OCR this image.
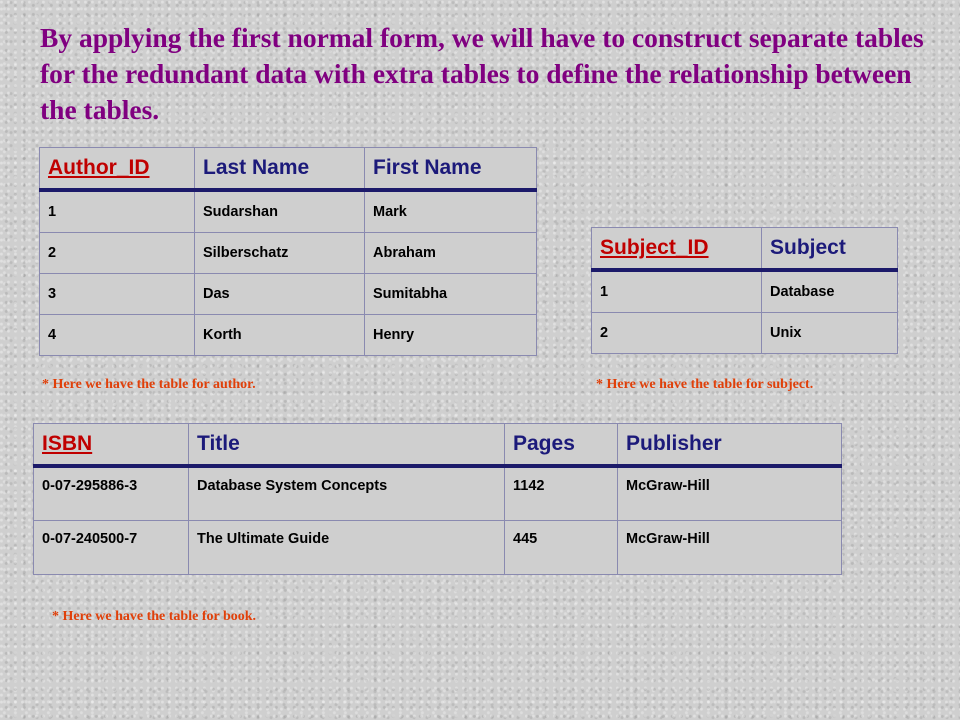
By applying the first normal form, we will have to construct separate tables for the redundant data with extra tables to define the relationship between the tables.
Author_ID	Last Name	First Name
1	Sudarshan	Mark
2	Silberschatz	Abraham
3	Das	Sumitabha
4	Korth	Henry
Subject_ID	Subject
1	Database
2	Unix
* Here we have the table for author.	* Here we have the table for subject.
ISBN	Title	Pages	Publisher
0-07-295886-3	Database System Concepts	1142	McGraw-Hill
0-07-240500-7	The Ultimate Guide	445	McGraw-Hill
* Here we have the table for book.
